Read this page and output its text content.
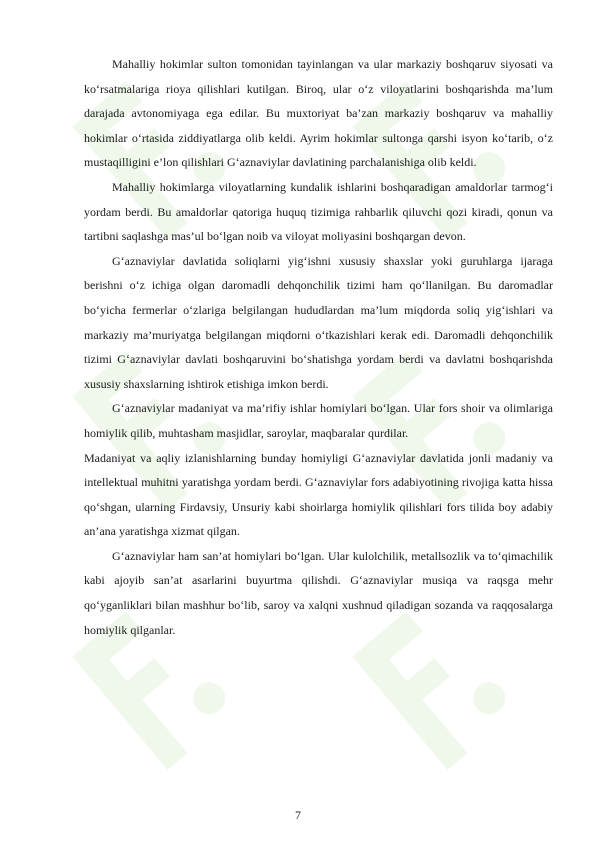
Mahalliy hokimlar sulton tomonidan tayinlangan va ular markaziy boshqaruv siyosati va ko‘rsatmalariga rioya qilishlari kutilgan. Biroq, ular o‘z viloyatlarini boshqarishda ma’lum darajada avtonomiyaga ega edilar. Bu muxtoriyat ba’zan markaziy boshqaruv va mahalliy hokimlar o‘rtasida ziddiyatlarga olib keldi. Ayrim hokimlar sultonga qarshi isyon ko‘tarib, o‘z mustaqilligini e’lon qilishlari G‘aznaviylar davlatining parchalanishiga olib keldi.

Mahalliy hokimlarga viloyatlarning kundalik ishlarini boshqaradigan amaldorlar tarmog‘i yordam berdi. Bu amaldorlar qatoriga huquq tizimiga rahbarlik qiluvchi qozi kiradi, qonun va tartibni saqlashga mas’ul bo‘lgan noib va viloyat moliyasini boshqargan devon.

G‘aznaviylar davlatida soliqlarni yig‘ishni xususiy shaxslar yoki guruhlarga ijaraga berishni o‘z ichiga olgan daromadli dehqonchilik tizimi ham qo‘llanilgan. Bu daromadlar bo‘yicha fermerlar o‘zlariga belgilangan hududlardan ma’lum miqdorda soliq yig‘ishlari va markaziy ma’muriyatga belgilangan miqdorni o‘tkazishlari kerak edi. Daromadli dehqonchilik tizimi G‘aznaviylar davlati boshqaruvini bo‘shatishga yordam berdi va davlatni boshqarishda xususiy shaxslarning ishtirok etishiga imkon berdi.

G‘aznaviylar madaniyat va ma’rifiy ishlar homiylari bo‘lgan. Ular fors shoir va olimlariga homiylik qilib, muhtasham masjidlar, saroylar, maqbaralar qurdilar.

Madaniyat va aqliy izlanishlarning bunday homiyligi G‘aznaviylar davlatida jonli madaniy va intellektual muhitni yaratishga yordam berdi. G‘aznaviylar fors adabiyotining rivojiga katta hissa qo‘shgan, ularning Firdavsiy, Unsuriy kabi shoirlarga homiylik qilishlari fors tilida boy adabiy an’ana yaratishga xizmat qilgan.

G‘aznaviylar ham san’at homiylari bo‘lgan. Ular kulolchilik, metallsozlik va to‘qimachilik kabi ajoyib san’at asarlarini buyurtma qilishdi. G‘aznaviylar musiqa va raqsga mehr qo‘yganliklari bilan mashhur bo‘lib, saroy va xalqni xushnud qiladigan sozanda va raqqosalarga homiylik qilganlar.

7
